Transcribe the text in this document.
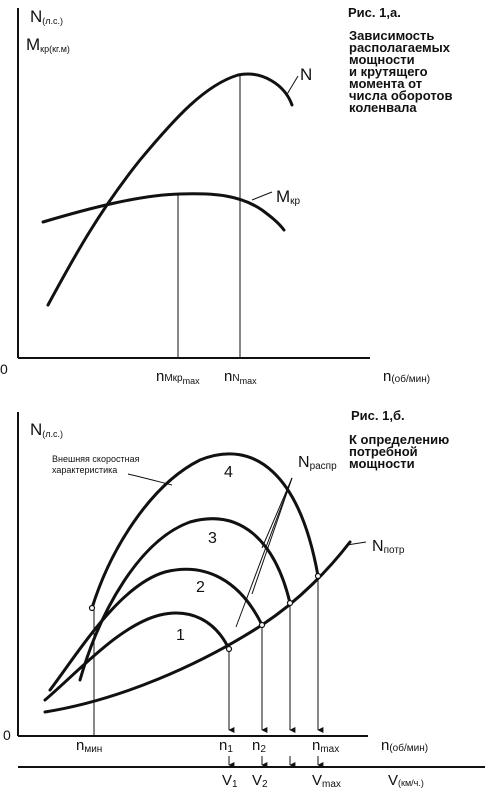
N(л.с.)
Mкр(кг.м)
0
N
Mкр
nMкр$_{max}$ $nN_{max}$	n(об/мин)
Рис. 1,а.
Зависимость
располагаемых
мощности
и крутящего
момента от
числа оборотов
коленвала
N(л.с.)
0
Внешняя скоростная
характеристика
1
2
3
4
Nраспр
Nпотр
nмин	n1 n2	nmax	n(об/мин)
V1 V2	Vmax	V(км/ч.)
Рис. 1,б.
К определению
потребной
мощности
